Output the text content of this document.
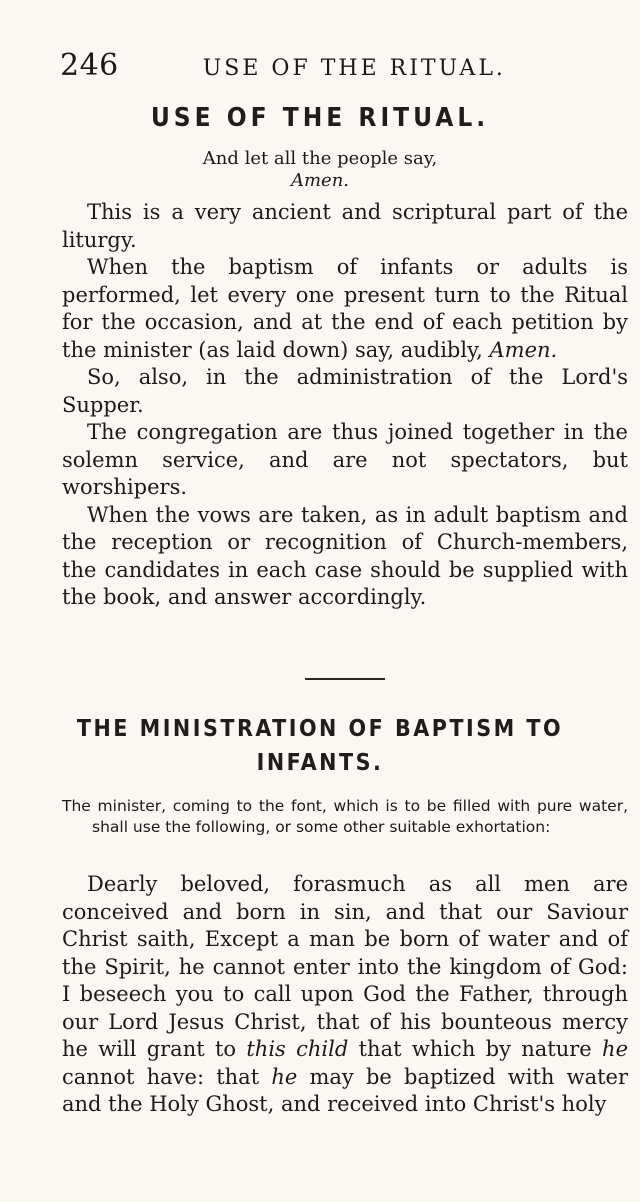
246	USE OF THE RITUAL.
USE OF THE RITUAL.
And let all the people say,
Amen.

This is a very ancient and scriptural part of the liturgy.

When the baptism of infants or adults is performed, let every one present turn to the Ritual for the occasion, and at the end of each petition by the minister (as laid down) say, audibly, Amen.

So, also, in the administration of the Lord's Supper.

The congregation are thus joined together in the solemn service, and are not spectators, but worshipers.

When the vows are taken, as in adult baptism and the reception or recognition of Church-members, the candidates in each case should be supplied with the book, and answer accordingly.

THE MINISTRATION OF BAPTISM TO
INFANTS.
The minister, coming to the font, which is to be filled with pure water, shall use the following, or some other suitable exhortation:

Dearly beloved, forasmuch as all men are conceived and born in sin, and that our Saviour Christ saith, Except a man be born of water and of the Spirit, he cannot enter into the kingdom of God: I beseech you to call upon God the Father, through our Lord Jesus Christ, that of his bounteous mercy he will grant to this child that which by nature he cannot have: that he may be baptized with water and the Holy Ghost, and received into Christ's holy
